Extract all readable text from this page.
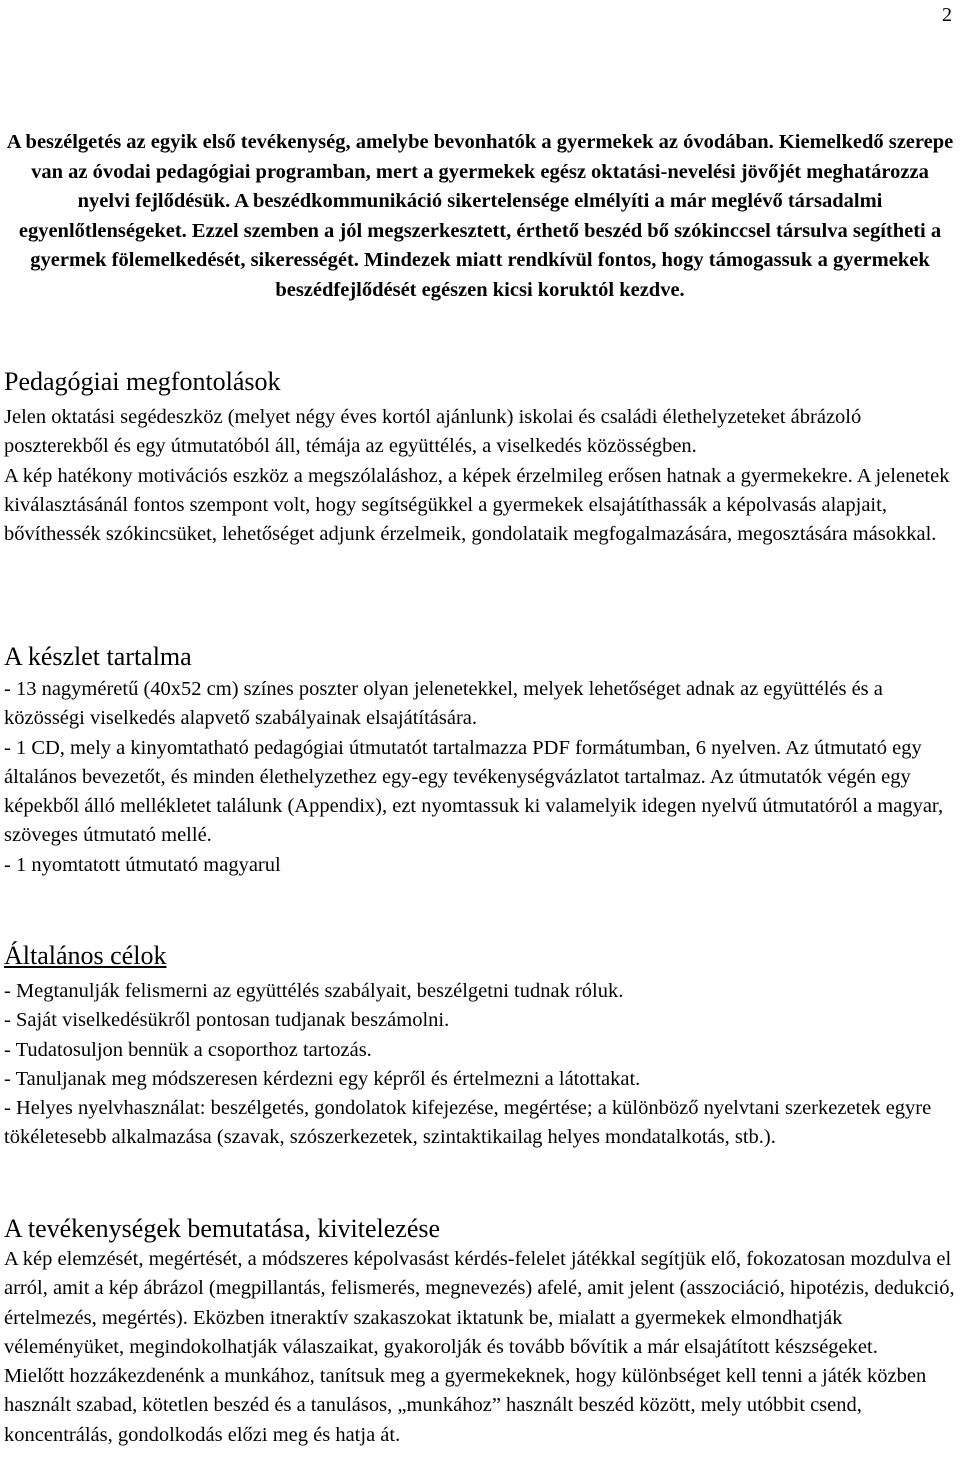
2

A beszélgetés az egyik első tevékenység, amelybe bevonhatók a gyermekek az óvodában. Kiemelkedő szerepe van az óvodai pedagógiai programban, mert a gyermekek egész oktatási-nevelési jövőjét meghatározza nyelvi fejlődésük. A beszédkommunikáció sikertelensége elmélyíti a már meglévő társadalmi egyenlőtlenségeket. Ezzel szemben a jól megszerkesztett, érthető beszéd bő szókinccsel társulva segítheti a gyermek fölemelkedését, sikerességét. Mindezek miatt rendkívül fontos, hogy támogassuk a gyermekek beszédfejlődését egészen kicsi koruktól kezdve.

Pedagógiai megfontolások

Jelen oktatási segédeszköz (melyet négy éves kortól ajánlunk) iskolai és családi élethelyzeteket ábrázoló poszterekből és egy útmutatóból áll, témája az együttélés, a viselkedés közösségben.

A kép hatékony motivációs eszköz a megszólaláshoz, a képek érzelmileg erősen hatnak a gyermekekre. A jelenetek kiválasztásánál fontos szempont volt, hogy segítségükkel a gyermekek elsajátíthassák a képolvasás alapjait, bővíthessék szókincsüket, lehetőséget adjunk érzelmeik, gondolataik megfogalmazására, megosztására másokkal.

A készlet tartalma

- 13 nagyméretű (40x52 cm) színes poszter olyan jelenetekkel, melyek lehetőséget adnak az együttélés és a közösségi viselkedés alapvető szabályainak elsajátítására.

- 1 CD, mely a kinyomtatható pedagógiai útmutatót tartalmazza PDF formátumban, 6 nyelven. Az útmutató egy általános bevezetőt, és minden élethelyzethez egy-egy tevékenységvázlatot tartalmaz. Az útmutatók végén egy képekből álló mellékletet találunk (Appendix), ezt nyomtassuk ki valamelyik idegen nyelvű útmutatóról a magyar, szöveges útmutató mellé.

- 1 nyomtatott útmutató magyarul

Általános célok

- Megtanulják felismerni az együttélés szabályait, beszélgetni tudnak róluk.

- Saját viselkedésükről pontosan tudjanak beszámolni.

- Tudatosuljon bennük a csoporthoz tartozás.

- Tanuljanak meg módszeresen kérdezni egy képről és értelmezni a látottakat.

- Helyes nyelvhasználat: beszélgetés, gondolatok kifejezése, megértése; a különböző nyelvtani szerkezetek egyre tökéletesebb alkalmazása (szavak, szószerkezetek, szintaktikailag helyes mondatalkotás, stb.).

A tevékenységek bemutatása, kivitelezése

A kép elemzését, megértését, a módszeres képolvasást kérdés-felelet játékkal segítjük elő, fokozatosan mozdulva el arról, amit a kép ábrázol (megpillantás, felismerés, megnevezés) afelé, amit jelent (asszociáció, hipotézis, dedukció, értelmezés, megértés). Eközben itneraktív szakaszokat iktatunk be, mialatt a gyermekek elmondhatják véleményüket, megindokolhatják válaszaikat, gyakorolják és tovább bővítik a már elsajátított készségeket.

Mielőtt hozzákezdenénk a munkához, tanítsuk meg a gyermekeknek, hogy különbséget kell tenni a játék közben használt szabad, kötetlen beszéd és a tanulásos, „munkához” használt beszéd között, mely utóbbit csend, koncentrálás, gondolkodás előzi meg és hatja át.
